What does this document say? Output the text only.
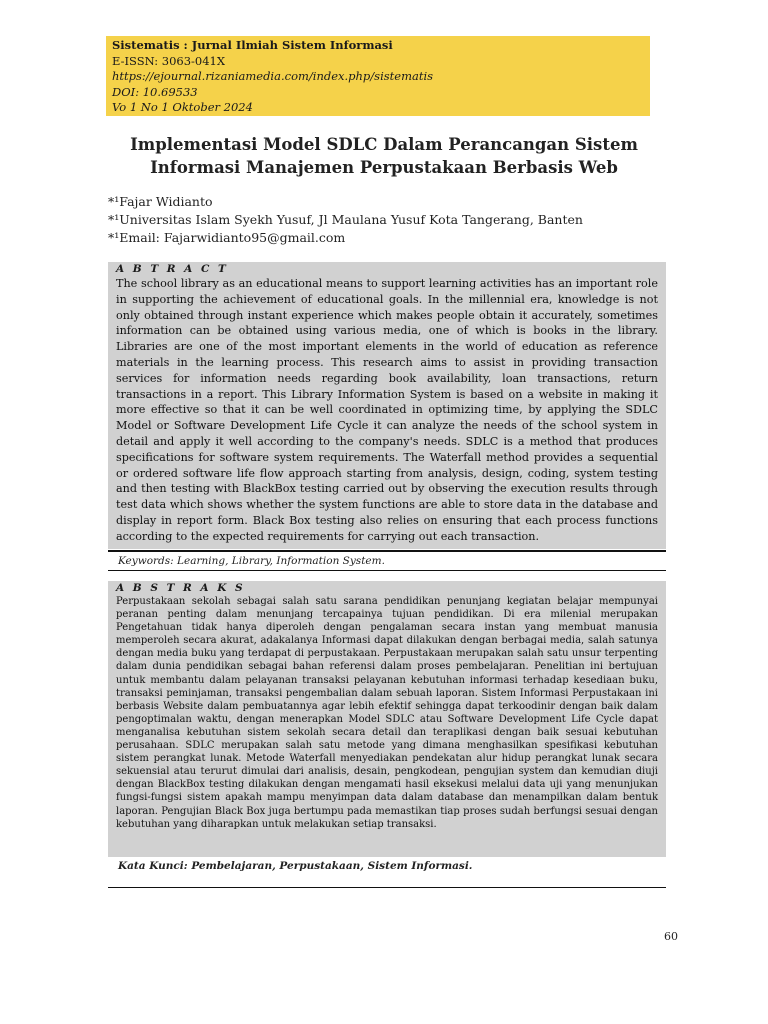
Sistematis : Jurnal Ilmiah Sistem Informasi
E-ISSN: 3063-041X
https://ejournal.rizaniamedia.com/index.php/sistematis
DOI: 10.69533
Vo 1 No 1 Oktober 2024
Implementasi Model SDLC Dalam Perancangan Sistem Informasi Manajemen Perpustakaan Berbasis Web
*¹Fajar Widianto
*¹Universitas Islam Syekh Yusuf, Jl Maulana Yusuf Kota Tangerang, Banten
*¹Email: Fajarwidianto95@gmail.com
A B T R A C T
The school library as an educational means to support learning activities has an important role in supporting the achievement of educational goals. In the millennial era, knowledge is not only obtained through instant experience which makes people obtain it accurately, sometimes information can be obtained using various media, one of which is books in the library. Libraries are one of the most important elements in the world of education as reference materials in the learning process. This research aims to assist in providing transaction services for information needs regarding book availability, loan transactions, return transactions in a report. This Library Information System is based on a website in making it more effective so that it can be well coordinated in optimizing time, by applying the SDLC Model or Software Development Life Cycle it can analyze the needs of the school system in detail and apply it well according to the company's needs. SDLC is a method that produces specifications for software system requirements. The Waterfall method provides a sequential or ordered software life flow approach starting from analysis, design, coding, system testing and then testing with BlackBox testing carried out by observing the execution results through test data which shows whether the system functions are able to store data in the database and display in report form. Black Box testing also relies on ensuring that each process functions according to the expected requirements for carrying out each transaction.
Keywords: Learning, Library, Information System.
A B S T R A K S
Perpustakaan sekolah sebagai salah satu sarana pendidikan penunjang kegiatan belajar mempunyai peranan penting dalam menunjang tercapainya tujuan pendidikan. Di era milenial merupakan Pengetahuan tidak hanya diperoleh dengan pengalaman secara instan yang membuat manusia memperoleh secara akurat, adakalanya Informasi dapat dilakukan dengan berbagai media, salah satunya dengan media buku yang terdapat di perpustakaan. Perpustakaan merupakan salah satu unsur terpenting dalam dunia pendidikan sebagai bahan referensi dalam proses pembelajaran. Penelitian ini bertujuan untuk membantu dalam pelayanan transaksi pelayanan kebutuhan informasi terhadap kesediaan buku, transaksi peminjaman, transaksi pengembalian dalam sebuah laporan. Sistem Informasi Perpustakaan ini berbasis Website dalam pembuatannya agar lebih efektif sehingga dapat terkoodinir dengan baik dalam pengoptimalan waktu, dengan menerapkan Model SDLC atau Software Development Life Cycle dapat menganalisa kebutuhan sistem sekolah secara detail dan teraplikasi dengan baik sesuai kebutuhan perusahaan. SDLC merupakan salah satu metode yang dimana menghasilkan spesifikasi kebutuhan sistem perangkat lunak. Metode Waterfall menyediakan pendekatan alur hidup perangkat lunak secara sekuensial atau terurut dimulai dari analisis, desain, pengkodean, pengujian system dan kemudian diuji dengan BlackBox testing dilakukan dengan mengamati hasil eksekusi melalui data uji yang menunjukan fungsi-fungsi sistem apakah mampu menyimpan data dalam database dan menampilkan dalam bentuk laporan. Pengujian Black Box juga bertumpu pada memastikan tiap proses sudah berfungsi sesuai dengan kebutuhan yang diharapkan untuk melakukan setiap transaksi.
Kata Kunci: Pembelajaran, Perpustakaan, Sistem Informasi.
60
